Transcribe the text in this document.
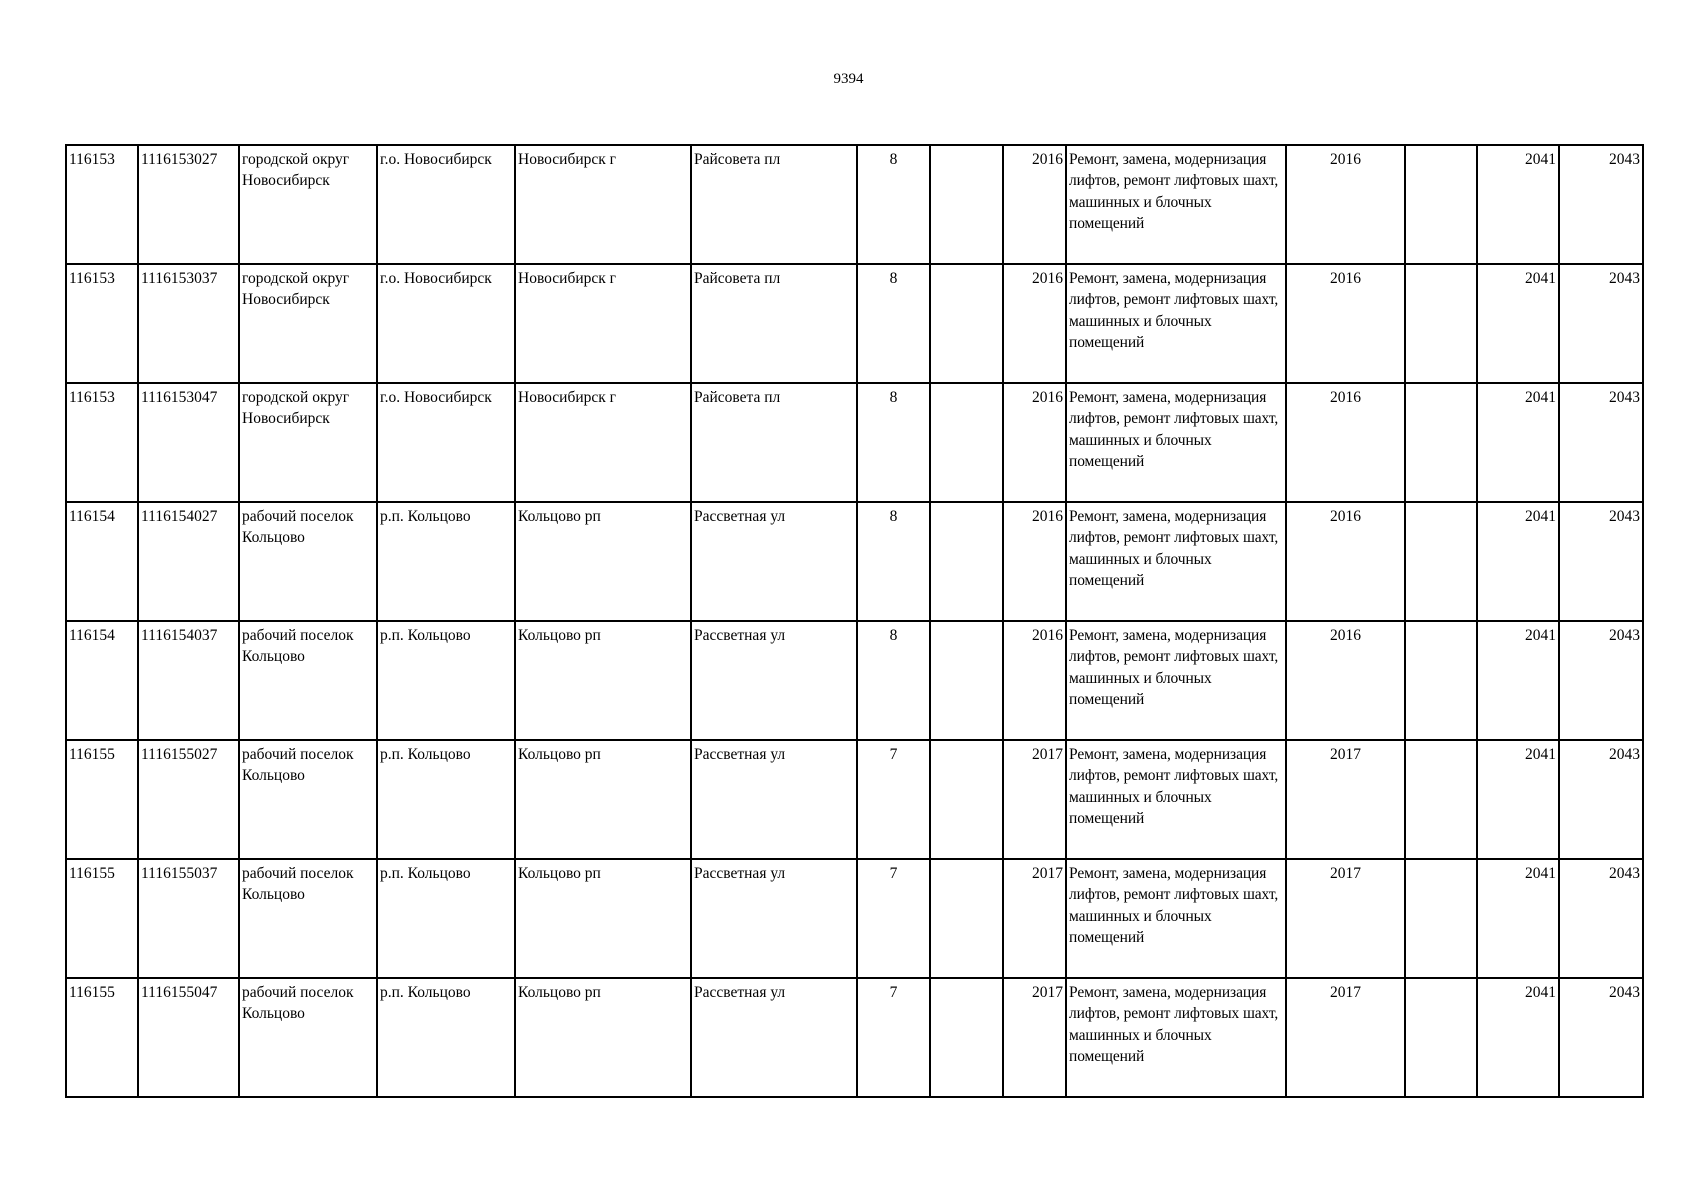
9394
116153	1116153027	городской округ Новосибирск	г.о. Новосибирск	Новосибирск г	Райсовета пл	8		2016	Ремонт, замена, модернизация лифтов, ремонт лифтовых шахт, машинных и блочных помещений	2016		2041	2043
116153	1116153037	городской округ Новосибирск	г.о. Новосибирск	Новосибирск г	Райсовета пл	8		2016	Ремонт, замена, модернизация лифтов, ремонт лифтовых шахт, машинных и блочных помещений	2016		2041	2043
116153	1116153047	городской округ Новосибирск	г.о. Новосибирск	Новосибирск г	Райсовета пл	8		2016	Ремонт, замена, модернизация лифтов, ремонт лифтовых шахт, машинных и блочных помещений	2016		2041	2043
116154	1116154027	рабочий поселок Кольцово	р.п. Кольцово	Кольцово рп	Рассветная ул	8		2016	Ремонт, замена, модернизация лифтов, ремонт лифтовых шахт, машинных и блочных помещений	2016		2041	2043
116154	1116154037	рабочий поселок Кольцово	р.п. Кольцово	Кольцово рп	Рассветная ул	8		2016	Ремонт, замена, модернизация лифтов, ремонт лифтовых шахт, машинных и блочных помещений	2016		2041	2043
116155	1116155027	рабочий поселок Кольцово	р.п. Кольцово	Кольцово рп	Рассветная ул	7		2017	Ремонт, замена, модернизация лифтов, ремонт лифтовых шахт, машинных и блочных помещений	2017		2041	2043
116155	1116155037	рабочий поселок Кольцово	р.п. Кольцово	Кольцово рп	Рассветная ул	7		2017	Ремонт, замена, модернизация лифтов, ремонт лифтовых шахт, машинных и блочных помещений	2017		2041	2043
116155	1116155047	рабочий поселок Кольцово	р.п. Кольцово	Кольцово рп	Рассветная ул	7		2017	Ремонт, замена, модернизация лифтов, ремонт лифтовых шахт, машинных и блочных помещений	2017		2041	2043
